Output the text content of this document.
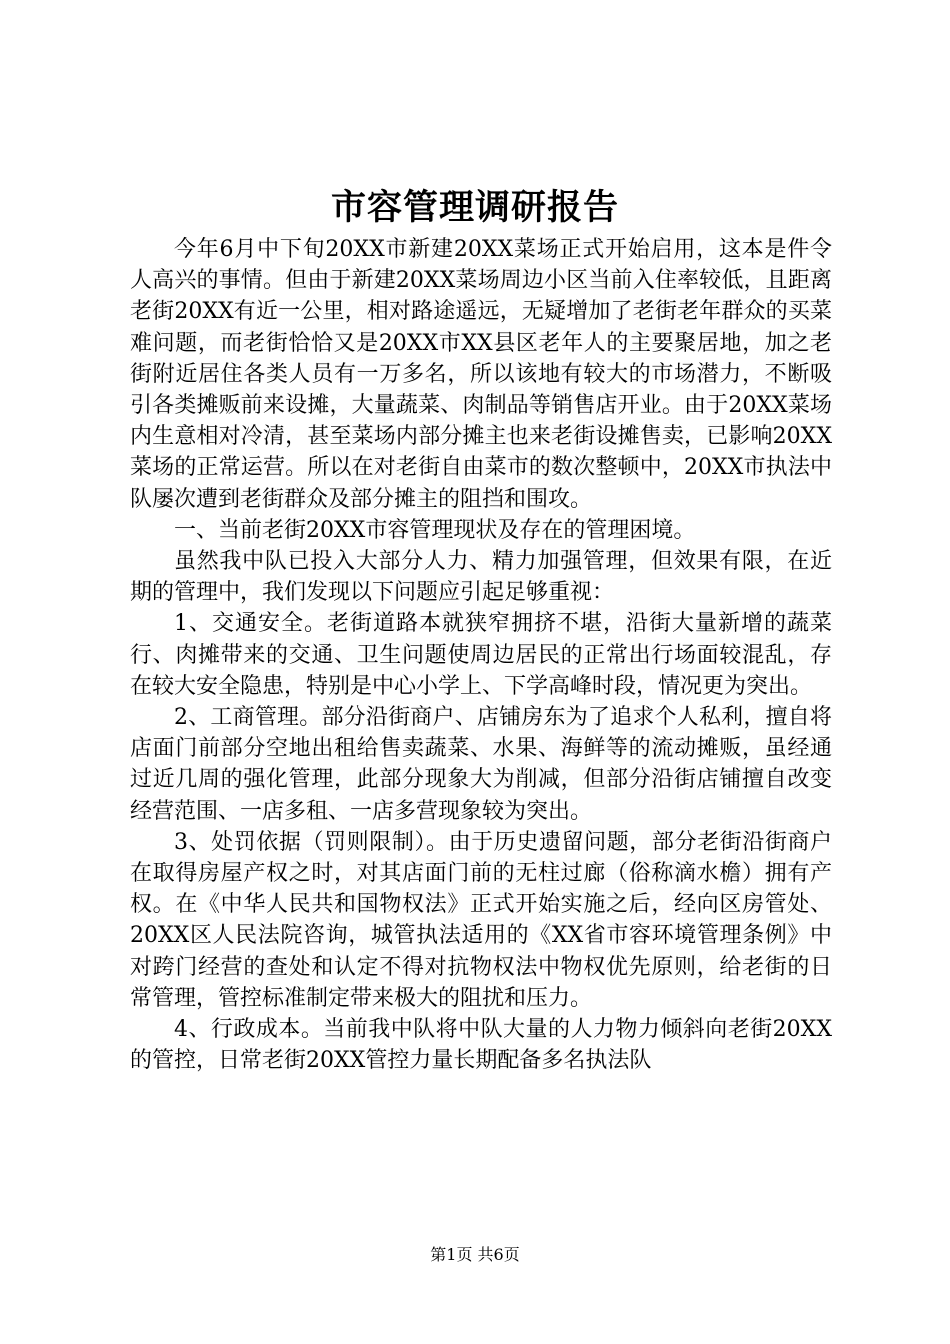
市容管理调研报告

今年6月中下旬20XX市新建20XX菜场正式开始启用，这本是件令人高兴的事情。但由于新建20XX菜场周边小区当前入住率较低，且距离老街20XX有近一公里，相对路途遥远，无疑增加了老街老年群众的买菜难问题，而老街恰恰又是20XX市XX县区老年人的主要聚居地，加之老街附近居住各类人员有一万多名，所以该地有较大的市场潜力，不断吸引各类摊贩前来设摊，大量蔬菜、肉制品等销售店开业。由于20XX菜场内生意相对冷清，甚至菜场内部分摊主也来老街设摊售卖，已影响20XX菜场的正常运营。所以在对老街自由菜市的数次整顿中，20XX市执法中队屡次遭到老街群众及部分摊主的阻挡和围攻。

一、当前老街20XX市容管理现状及存在的管理困境。

虽然我中队已投入大部分人力、精力加强管理，但效果有限，在近期的管理中，我们发现以下问题应引起足够重视：

1、交通安全。老街道路本就狭窄拥挤不堪，沿街大量新增的蔬菜行、肉摊带来的交通、卫生问题使周边居民的正常出行场面较混乱，存在较大安全隐患，特别是中心小学上、下学高峰时段，情况更为突出。

2、工商管理。部分沿街商户、店铺房东为了追求个人私利，擅自将店面门前部分空地出租给售卖蔬菜、水果、海鲜等的流动摊贩，虽经通过近几周的强化管理，此部分现象大为削减，但部分沿街店铺擅自改变经营范围、一店多租、一店多营现象较为突出。

3、处罚依据（罚则限制）。由于历史遗留问题，部分老街沿街商户在取得房屋产权之时，对其店面门前的无柱过廊（俗称滴水檐）拥有产权。在《中华人民共和国物权法》正式开始实施之后，经向区房管处、20XX区人民法院咨询，城管执法适用的《XX省市容环境管理条例》中对跨门经营的查处和认定不得对抗物权法中物权优先原则，给老街的日常管理，管控标准制定带来极大的阻扰和压力。

4、行政成本。当前我中队将中队大量的人力物力倾斜向老街20XX的管控，日常老街20XX管控力量长期配备多名执法队

第1页 共6页
